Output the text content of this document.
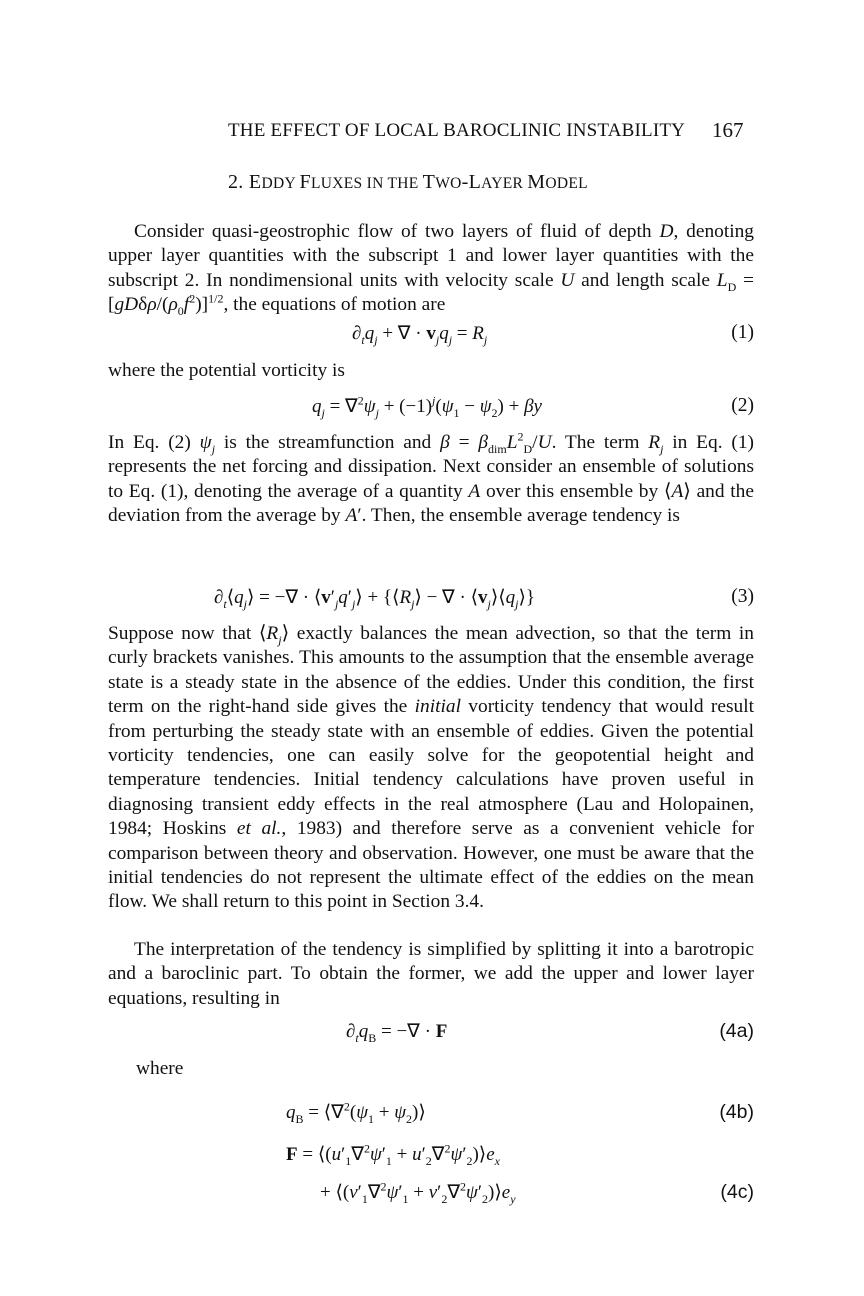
THE EFFECT OF LOCAL BAROCLINIC INSTABILITY 167
2. EDDY FLUXES IN THE TWO-LAYER MODEL

Consider quasi-geostrophic flow of two layers of fluid of depth D, denoting upper layer quantities with the subscript 1 and lower layer quantities with the subscript 2. In nondimensional units with velocity scale U and length scale $L_D = [gD\delta\rho/(\rho_0f^2)]^{1/2}$, the equations of motion are

$\partial_tq_j$ + ∇ · $v_jq_j = R_j$	(1)
where the potential vorticity is
$q_j = \nabla^2\psi_j + (-1)^j(\psi_1 - \psi_2) + \beta y$	(2)

In Eq. (2) $\psi_j$ is the streamfunction and $\beta = \beta_{dim}L^2_D/U$. The term $R_j$ in Eq. (1) represents the net forcing and dissipation. Next consider an ensemble of solutions to Eq. (1), denoting the average of a quantity A over this ensemble by ⟨A⟩ and the deviation from the average by A′. Then, the ensemble average tendency is

$\partial_t⟨q_j⟩$ = −∇ · $⟨v'_jq'_j⟩$ + {$⟨R_j⟩$ − ∇ · $⟨v_j⟩⟨q_j⟩$}	(3)

Suppose now that $⟨R_j⟩$ exactly balances the mean advection, so that the term in curly brackets vanishes. This amounts to the assumption that the ensemble average state is a steady state in the absence of the eddies. Under this condition, the first term on the right-hand side gives the initial vorticity tendency that would result from perturbing the steady state with an ensemble of eddies. Given the potential vorticity tendencies, one can easily solve for the geopotential height and temperature tendencies. Initial tendency calculations have proven useful in diagnosing transient eddy effects in the real atmosphere (Lau and Holopainen, 1984; Hoskins et al., 1983) and therefore serve as a convenient vehicle for comparison between theory and observation. However, one must be aware that the initial tendencies do not represent the ultimate effect of the eddies on the mean flow. We shall return to this point in Section 3.4.

The interpretation of the tendency is simplified by splitting it into a barotropic and a baroclinic part. To obtain the former, we add the upper and lower layer equations, resulting in

$\partial_tq_B$ = −∇ · F	(4a)
where
$q_B$ = $⟨\nabla^2(\psi_1$ + $\psi_2)⟩$	(4b)
$F = ⟨(u'_1\nabla^2\psi'_1$ + $u'_2\nabla^2\psi'_2)⟩e_x$
+ $⟨(v'_1\nabla^2\psi'_1$ + $v'_2\nabla^2\psi'_2)⟩e_y$	(4c)
